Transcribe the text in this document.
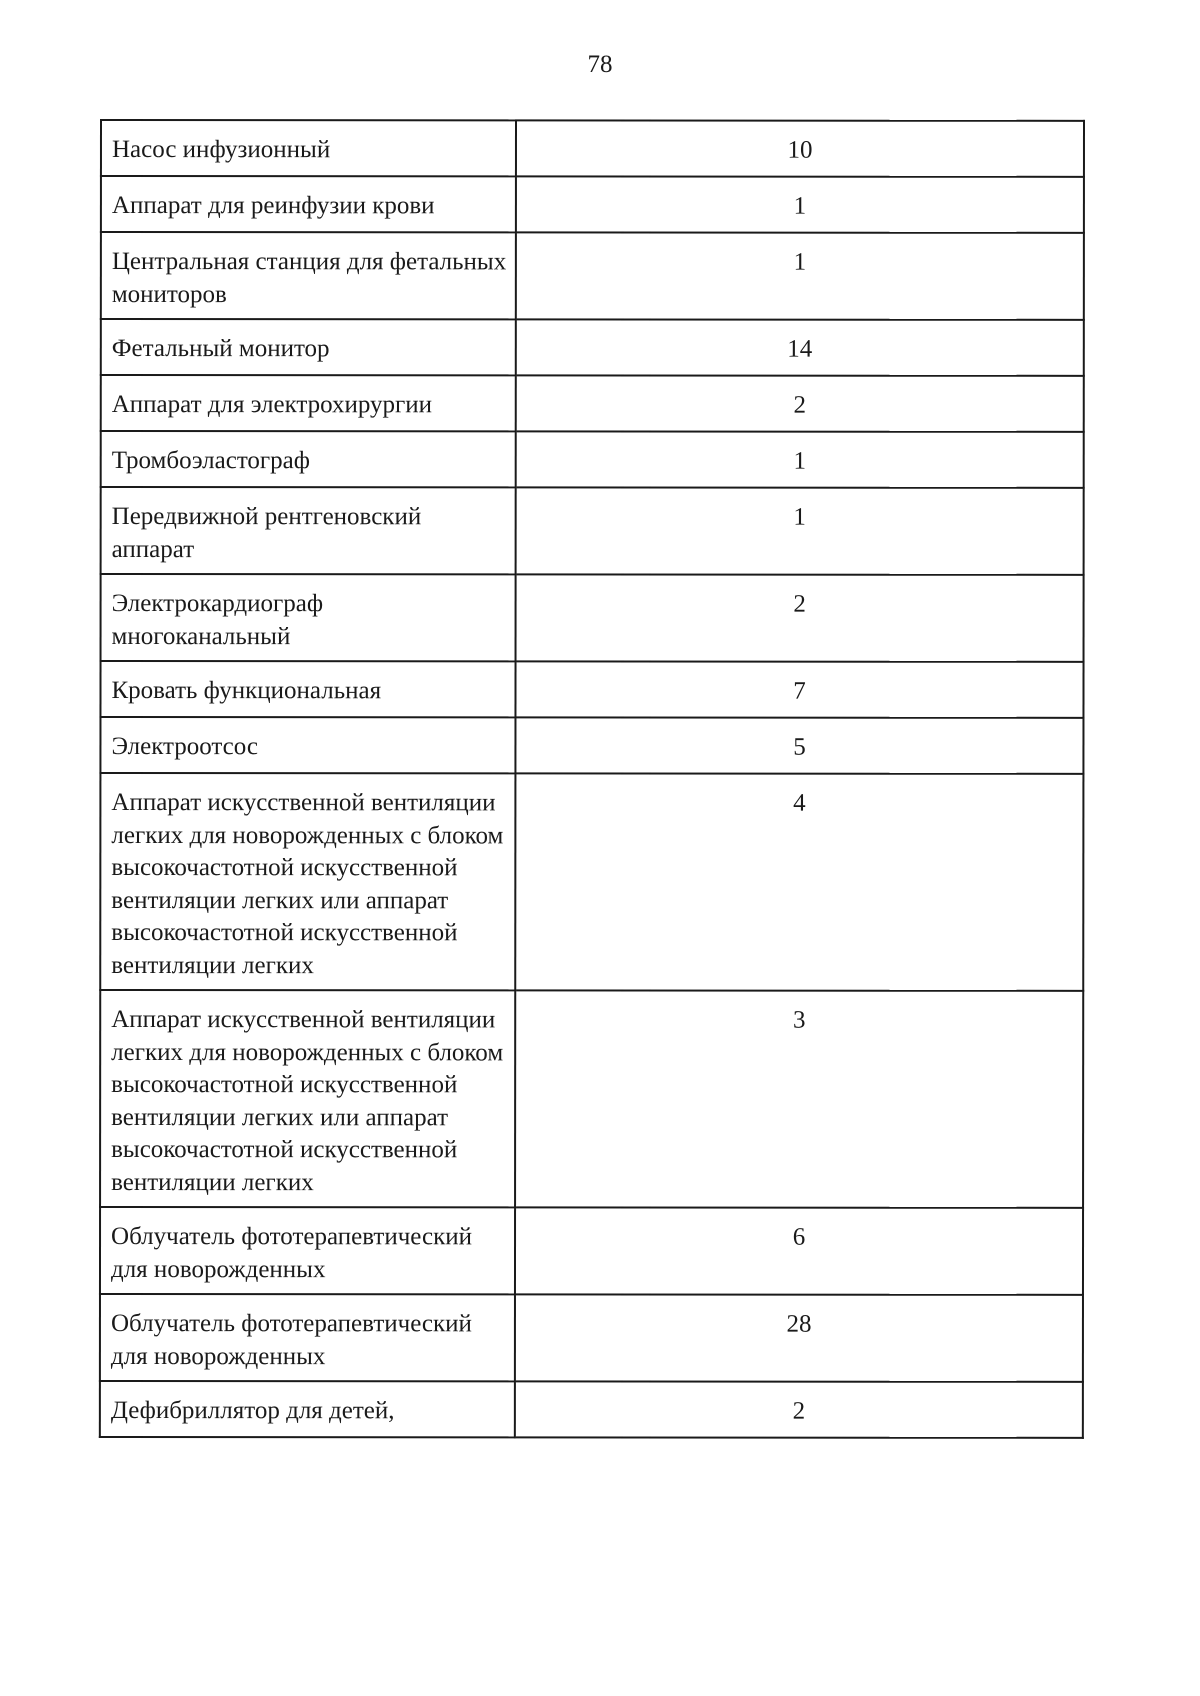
78
Насос инфузионный	10
Аппарат для реинфузии крови	1
Центральная станция для фетальных мониторов	1
Фетальный монитор	14
Аппарат для электрохирургии	2
Тромбоэластограф	1
Передвижной рентгеновский аппарат	1
Электрокардиограф многоканальный	2
Кровать функциональная	7
Электроотсос	5
Аппарат искусственной вентиляции легких для новорожденных с блоком высокочастотной искусственной вентиляции легких или аппарат высокочастотной искусственной вентиляции легких	4
Аппарат искусственной вентиляции легких для новорожденных с блоком высокочастотной искусственной вентиляции легких или аппарат высокочастотной искусственной вентиляции легких	3
Облучатель фототерапевтический для новорожденных	6
Облучатель фототерапевтический для новорожденных	28
Дефибриллятор для детей,	2
